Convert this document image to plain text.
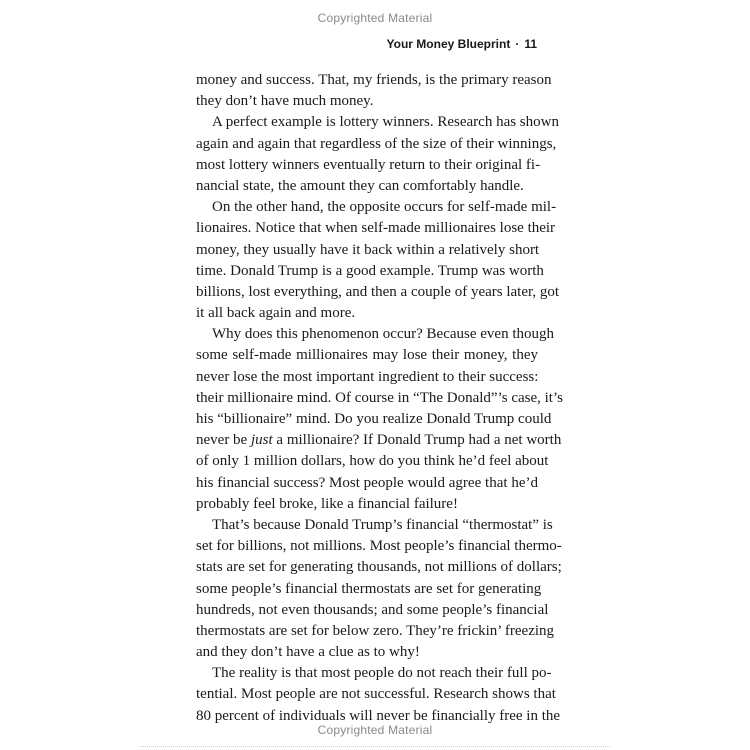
Copyrighted Material
Your Money Blueprint · 11
money and success. That, my friends, is the primary reason
they don’t have much money.
A perfect example is lottery winners. Research has shown
again and again that regardless of the size of their winnings,
most lottery winners eventually return to their original fi-
nancial state, the amount they can comfortably handle.
On the other hand, the opposite occurs for self-made mil-
lionaires. Notice that when self-made millionaires lose their
money, they usually have it back within a relatively short
time. Donald Trump is a good example. Trump was worth
billions, lost everything, and then a couple of years later, got
it all back again and more.
Why does this phenomenon occur? Because even though
some self-made millionaires may lose their money, they
never lose the most important ingredient to their success:
their millionaire mind. Of course in “The Donald”’s case, it’s
his “billionaire” mind. Do you realize Donald Trump could
never be just a millionaire? If Donald Trump had a net worth
of only 1 million dollars, how do you think he’d feel about
his financial success? Most people would agree that he’d
probably feel broke, like a financial failure!
That’s because Donald Trump’s financial “thermostat” is
set for billions, not millions. Most people’s financial thermo-
stats are set for generating thousands, not millions of dollars;
some people’s financial thermostats are set for generating
hundreds, not even thousands; and some people’s financial
thermostats are set for below zero. They’re frickin’ freezing
and they don’t have a clue as to why!
The reality is that most people do not reach their full po-
tential. Most people are not successful. Research shows that
80 percent of individuals will never be financially free in the
Copyrighted Material
